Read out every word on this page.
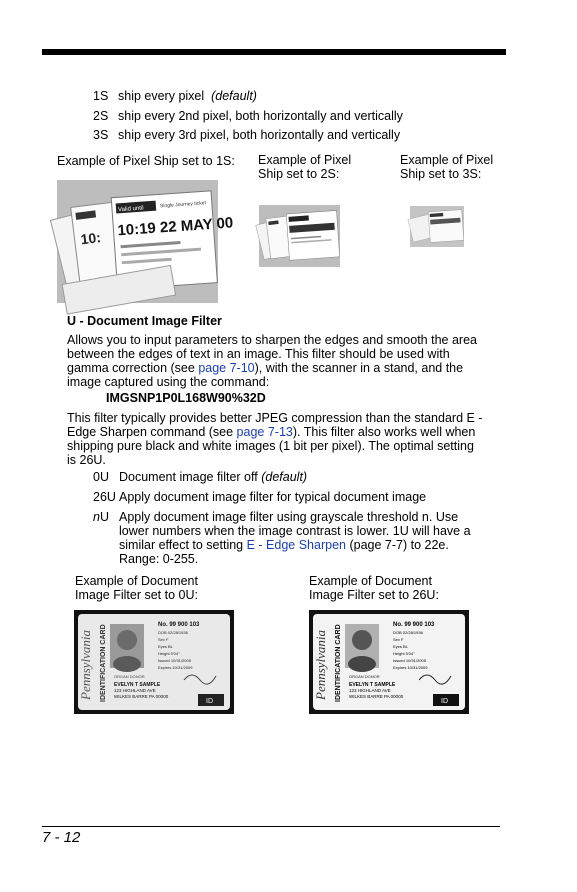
1S ship every pixel (default)
2S ship every 2nd pixel, both horizontally and vertically
3S ship every 3rd pixel, both horizontally and vertically
Example of Pixel Ship set to 1S: Example of Pixel
Ship set to 2S:
Example of Pixel
Ship set to 3S:
10:
Valid until
Single Journey ticket
10:19 22 MAY 00
U - Document Image Filter
Allows you to input parameters to sharpen the edges and smooth the area
between the edges of text in an image. This filter should be used with
gamma correction (see page 7-10), with the scanner in a stand, and the
image captured using the command:
IMGSNP1P0L168W90%32D
This filter typically provides better JPEG compression than the standard E -
Edge Sharpen command (see page 7-13). This filter also works well when
shipping pure black and white images (1 bit per pixel). The optimal setting
is 26U.
0U Document image filter off (default)
26U Apply document image filter for typical document image
nU Apply document image filter using grayscale threshold n. Use
lower numbers when the image contrast is lower. 1U will have a
similar effect to setting E - Edge Sharpen (page 7-7) to 22e.
Range: 0-255.
Example of Document
Image Filter set to 0U:
Example of Document
Image Filter set to 26U:
Pennsylvania IDENTIFICATION CARD	No. 99 900 103
DOB 02/28/1936
Sex F
Eyes BL
Height 5'04"
Issued 10/31/2005
Expires 10/31/2009
ORGAN DONOR
EVELYN T SAMPLE
123 HIGHLAND AVE
WILKES BARRE PA 00000
ID
Pennsylvania IDENTIFICATION CARD	No. 99 900 103
DOB 02/28/1936
Sex F
Eyes BL
Height 5'04"
Issued 10/31/2005
Expires 10/31/2009
ORGAN DONOR
EVELYN T SAMPLE
123 HIGHLAND AVE
WILKES BARRE PA 00000
ID
7 - 12
